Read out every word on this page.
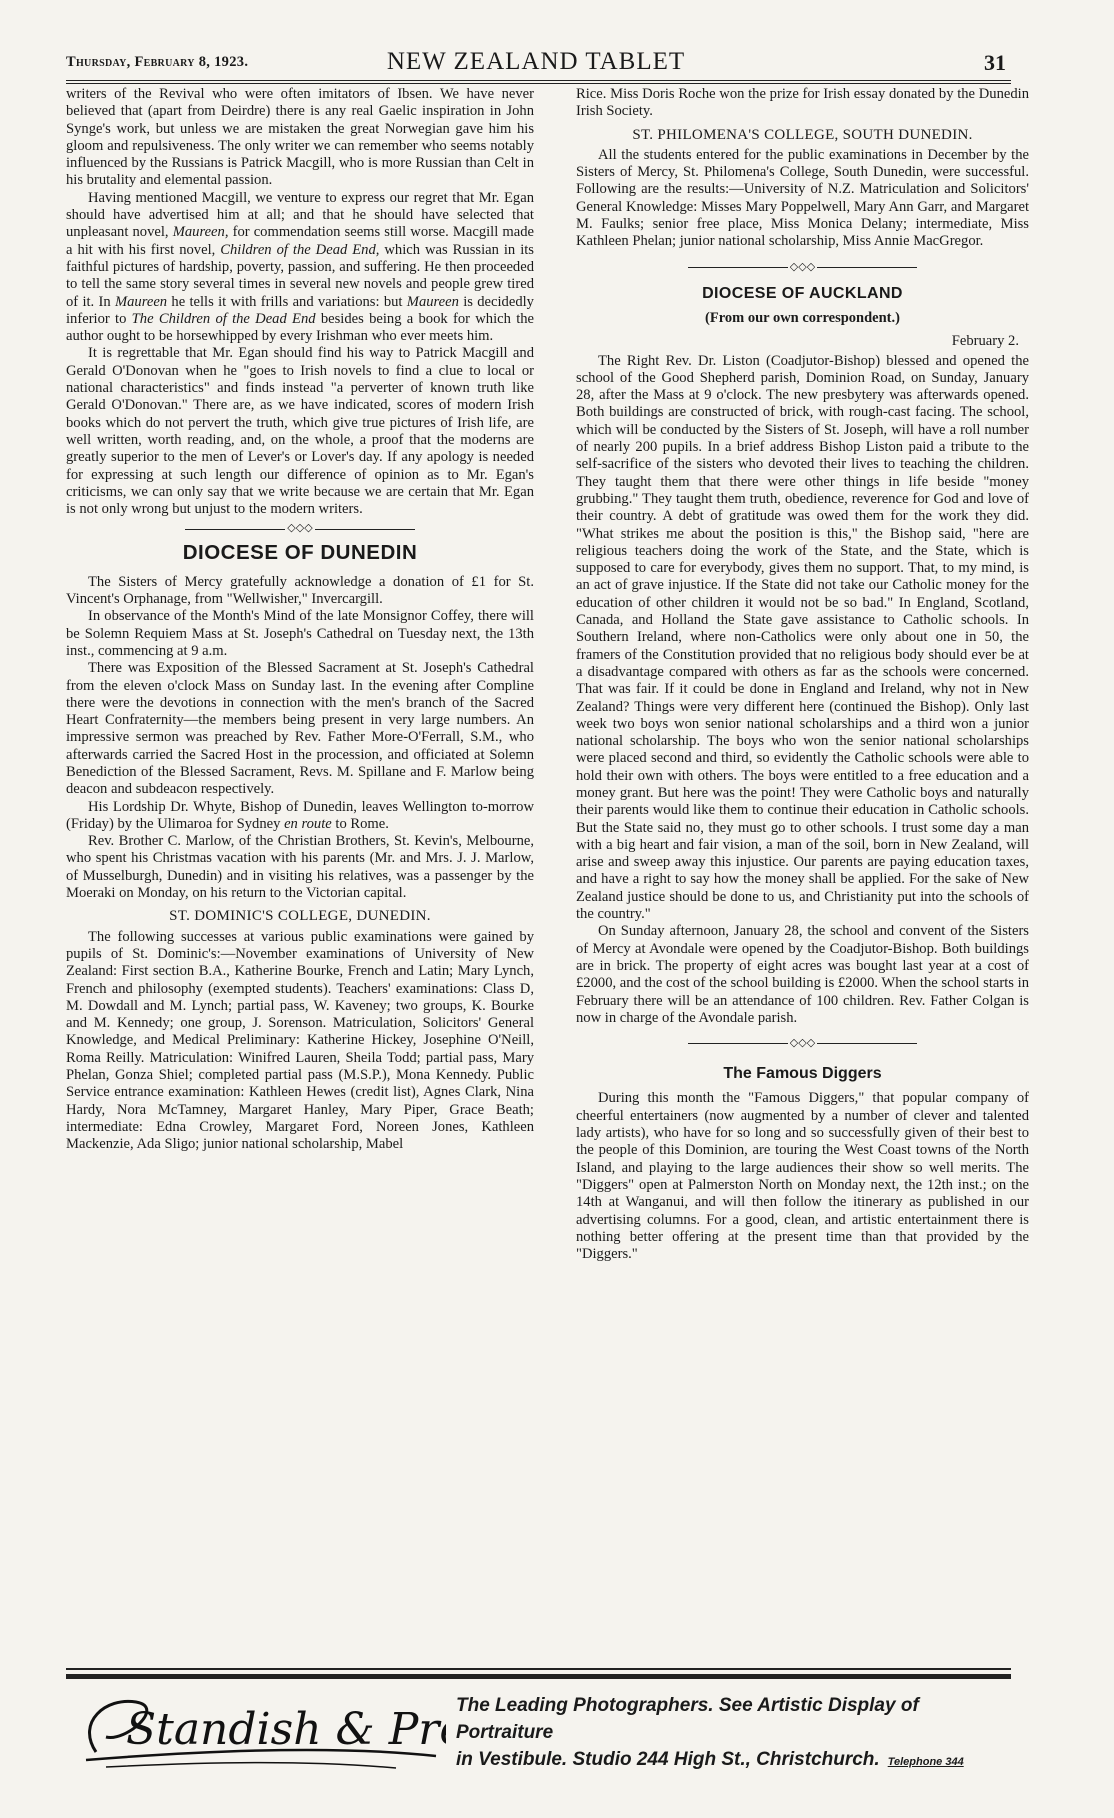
Thursday, February 8, 1923.	NEW ZEALAND TABLET	31

writers of the Revival who were often imitators of Ibsen. We have never believed that (apart from Deirdre) there is any real Gaelic inspiration in John Synge's work, but unless we are mistaken the great Norwegian gave him his gloom and repulsiveness. The only writer we can remember who seems notably influenced by the Russians is Patrick Macgill, who is more Russian than Celt in his brutality and elemental passion.

Having mentioned Macgill, we venture to express our regret that Mr. Egan should have advertised him at all; and that he should have selected that unpleasant novel, Maureen, for commendation seems still worse. Macgill made a hit with his first novel, Children of the Dead End, which was Russian in its faithful pictures of hardship, poverty, passion, and suffering. He then proceeded to tell the same story several times in several new novels and people grew tired of it. In Maureen he tells it with frills and variations: but Maureen is decidedly inferior to The Children of the Dead End besides being a book for which the author ought to be horsewhipped by every Irishman who ever meets him.

It is regrettable that Mr. Egan should find his way to Patrick Macgill and Gerald O'Donovan when he "goes to Irish novels to find a clue to local or national characteristics" and finds instead "a perverter of known truth like Gerald O'Donovan." There are, as we have indicated, scores of modern Irish books which do not pervert the truth, which give true pictures of Irish life, are well written, worth reading, and, on the whole, a proof that the moderns are greatly superior to the men of Lever's or Lover's day. If any apology is needed for expressing at such length our difference of opinion as to Mr. Egan's criticisms, we can only say that we write because we are certain that Mr. Egan is not only wrong but unjust to the modern writers.

◇◇◇
DIOCESE OF DUNEDIN

The Sisters of Mercy gratefully acknowledge a donation of £1 for St. Vincent's Orphanage, from "Wellwisher," Invercargill.

In observance of the Month's Mind of the late Monsignor Coffey, there will be Solemn Requiem Mass at St. Joseph's Cathedral on Tuesday next, the 13th inst., commencing at 9 a.m.

There was Exposition of the Blessed Sacrament at St. Joseph's Cathedral from the eleven o'clock Mass on Sunday last. In the evening after Compline there were the devotions in connection with the men's branch of the Sacred Heart Confraternity—the members being present in very large numbers. An impressive sermon was preached by Rev. Father More-O'Ferrall, S.M., who afterwards carried the Sacred Host in the procession, and officiated at Solemn Benediction of the Blessed Sacrament, Revs. M. Spillane and F. Marlow being deacon and subdeacon respectively.

His Lordship Dr. Whyte, Bishop of Dunedin, leaves Wellington to-morrow (Friday) by the Ulimaroa for Sydney en route to Rome.

Rev. Brother C. Marlow, of the Christian Brothers, St. Kevin's, Melbourne, who spent his Christmas vacation with his parents (Mr. and Mrs. J. J. Marlow, of Musselburgh, Dunedin) and in visiting his relatives, was a passenger by the Moeraki on Monday, on his return to the Victorian capital.

ST. DOMINIC'S COLLEGE, DUNEDIN.

The following successes at various public examinations were gained by pupils of St. Dominic's:—November examinations of University of New Zealand: First section B.A., Katherine Bourke, French and Latin; Mary Lynch, French and philosophy (exempted students). Teachers' examinations: Class D, M. Dowdall and M. Lynch; partial pass, W. Kaveney; two groups, K. Bourke and M. Kennedy; one group, J. Sorenson. Matriculation, Solicitors' General Knowledge, and Medical Preliminary: Katherine Hickey, Josephine O'Neill, Roma Reilly. Matriculation: Winifred Lauren, Sheila Todd; partial pass, Mary Phelan, Gonza Shiel; completed partial pass (M.S.P.), Mona Kennedy. Public Service entrance examination: Kathleen Hewes (credit list), Agnes Clark, Nina Hardy, Nora McTamney, Margaret Hanley, Mary Piper, Grace Beath; intermediate: Edna Crowley, Margaret Ford, Noreen Jones, Kathleen Mackenzie, Ada Sligo; junior national scholarship, Mabel

Rice. Miss Doris Roche won the prize for Irish essay donated by the Dunedin Irish Society.

ST. PHILOMENA'S COLLEGE, SOUTH DUNEDIN.

All the students entered for the public examinations in December by the Sisters of Mercy, St. Philomena's College, South Dunedin, were successful. Following are the results:—University of N.Z. Matriculation and Solicitors' General Knowledge: Misses Mary Poppelwell, Mary Ann Garr, and Margaret M. Faulks; senior free place, Miss Monica Delany; intermediate, Miss Kathleen Phelan; junior national scholarship, Miss Annie MacGregor.

◇◇◇
DIOCESE OF AUCKLAND
(From our own correspondent.)
February 2.

The Right Rev. Dr. Liston (Coadjutor-Bishop) blessed and opened the school of the Good Shepherd parish, Dominion Road, on Sunday, January 28, after the Mass at 9 o'clock. The new presbytery was afterwards opened. Both buildings are constructed of brick, with rough-cast facing. The school, which will be conducted by the Sisters of St. Joseph, will have a roll number of nearly 200 pupils. In a brief address Bishop Liston paid a tribute to the self-sacrifice of the sisters who devoted their lives to teaching the children. They taught them that there were other things in life beside "money grubbing." They taught them truth, obedience, reverence for God and love of their country. A debt of gratitude was owed them for the work they did. "What strikes me about the position is this," the Bishop said, "here are religious teachers doing the work of the State, and the State, which is supposed to care for everybody, gives them no support. That, to my mind, is an act of grave injustice. If the State did not take our Catholic money for the education of other children it would not be so bad." In England, Scotland, Canada, and Holland the State gave assistance to Catholic schools. In Southern Ireland, where non-Catholics were only about one in 50, the framers of the Constitution provided that no religious body should ever be at a disadvantage compared with others as far as the schools were concerned. That was fair. If it could be done in England and Ireland, why not in New Zealand? Things were very different here (continued the Bishop). Only last week two boys won senior national scholarships and a third won a junior national scholarship. The boys who won the senior national scholarships were placed second and third, so evidently the Catholic schools were able to hold their own with others. The boys were entitled to a free education and a money grant. But here was the point! They were Catholic boys and naturally their parents would like them to continue their education in Catholic schools. But the State said no, they must go to other schools. I trust some day a man with a big heart and fair vision, a man of the soil, born in New Zealand, will arise and sweep away this injustice. Our parents are paying education taxes, and have a right to say how the money shall be applied. For the sake of New Zealand justice should be done to us, and Christianity put into the schools of the country."

On Sunday afternoon, January 28, the school and convent of the Sisters of Mercy at Avondale were opened by the Coadjutor-Bishop. Both buildings are in brick. The property of eight acres was bought last year at a cost of £2000, and the cost of the school building is £2000. When the school starts in February there will be an attendance of 100 children. Rev. Father Colgan is now in charge of the Avondale parish.

◇◇◇
The Famous Diggers

During this month the "Famous Diggers," that popular company of cheerful entertainers (now augmented by a number of clever and talented lady artists), who have for so long and so successfully given of their best to the people of this Dominion, are touring the West Coast towns of the North Island, and playing to the large audiences their show so well merits. The "Diggers" open at Palmerston North on Monday next, the 12th inst.; on the 14th at Wanganui, and will then follow the itinerary as published in our advertising columns. For a good, clean, and artistic entertainment there is nothing better offering at the present time than that provided by the "Diggers."

Standish & Pr The Leading Photographers. See Artistic Display of Portraiture
in Vestibule. Studio 244 High St., Christchurch. Telephone 344
